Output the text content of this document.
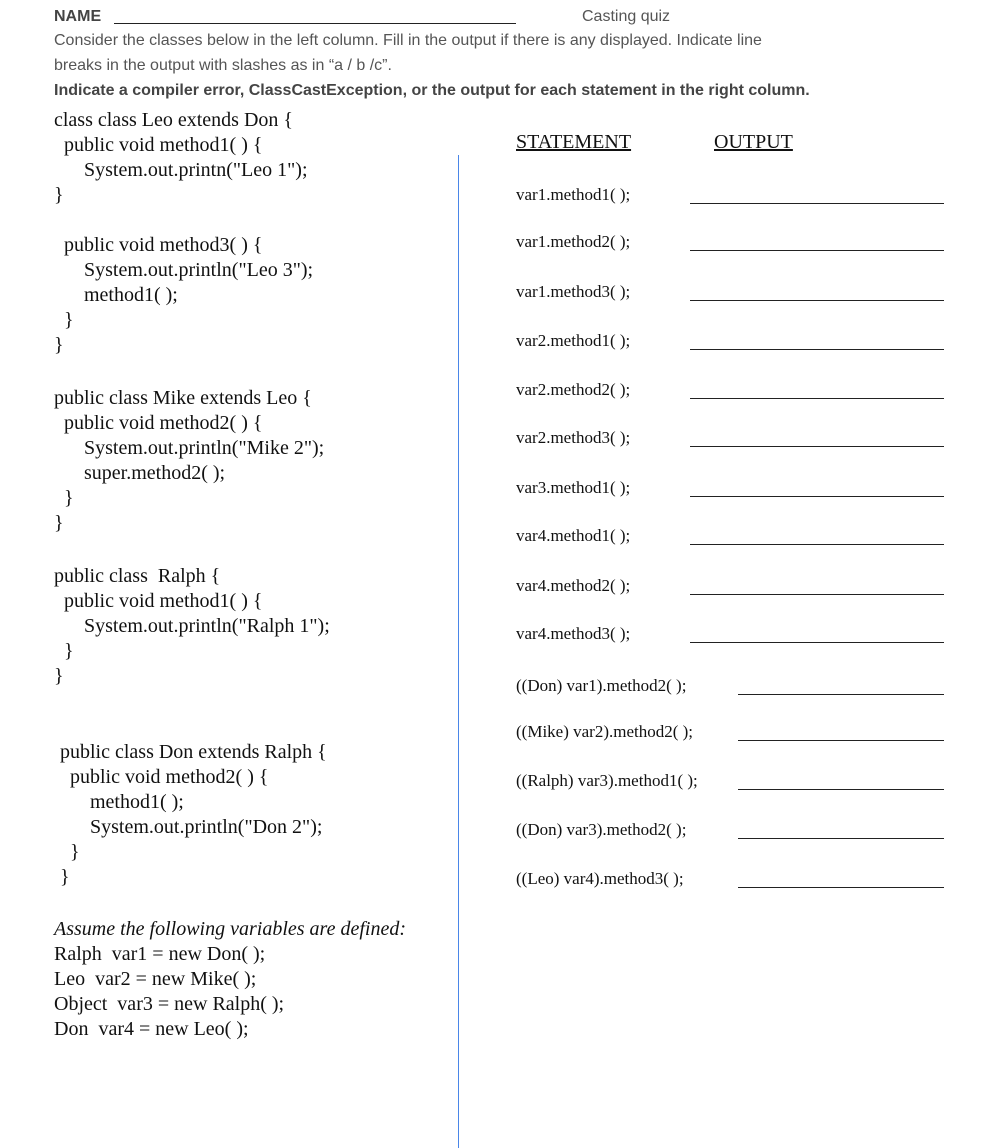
NAME	Casting quiz
Consider the classes below in the left column. Fill in the output if there is any displayed. Indicate line
breaks in the output with slashes as in “a / b /c”.
Indicate a compiler error, ClassCastException, or the output for each statement in the right column.
class class Leo extends Don {
public void method1( ) {
System.out.printn("Leo 1");
}
public void method3( ) {
System.out.println("Leo 3");
method1( );
}
}
public class Mike extends Leo {
public void method2( ) {
System.out.println("Mike 2");
super.method2( );
}
}
public class  Ralph {
public void method1( ) {
System.out.println("Ralph 1");
}
}
public class Don extends Ralph {
public void method2( ) {
method1( );
System.out.println("Don 2");
}
}
Assume the following variables are defined:
Ralph  var1 = new Don( );
Leo  var2 = new Mike( );
Object  var3 = new Ralph( );
Don  var4 = new Leo( );
STATEMENT	OUTPUT
var1.method1( );
var1.method2( );
var1.method3( );
var2.method1( );
var2.method2( );
var2.method3( );
var3.method1( );
var4.method1( );
var4.method2( );
var4.method3( );
((Don) var1).method2( );
((Mike) var2).method2( );
((Ralph) var3).method1( );
((Don) var3).method2( );
((Leo) var4).method3( );
